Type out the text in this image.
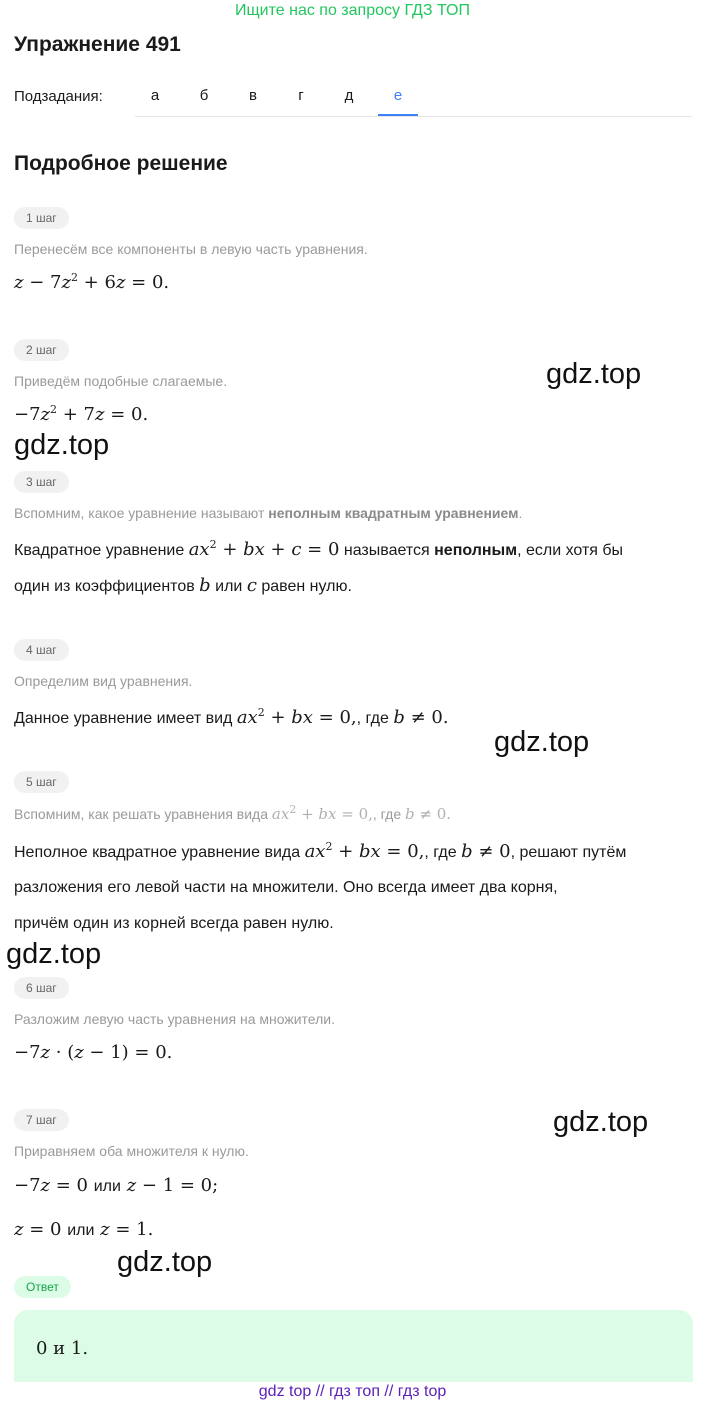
Ищите нас по запросу ГДЗ ТОП
Упражнение 491
Подзадания:	а	б	в	г	д	е
Подробное решение
1 шаг
Перенесём все компоненты в левую часть уравнения.
$z - 7z^2 + 6z = 0$.
2 шаг
Приведём подобные слагаемые.
$-7z^2 + 7z = 0$.
3 шаг
Вспомним, какое уравнение называют неполным квадратным уравнением.
Квадратное уравнение $ax^2$ + bx + c = 0 называется неполным, если хотя бы
один из коэффициентов b или c равен нулю.
4 шаг
Определим вид уравнения.
Данное уравнение имеет вид $ax^2$ + bx = 0,, где b ≠ 0.
5 шаг
Вспомним, как решать уравнения вида $ax^2$ + bx = 0,, где b ≠ 0.
Неполное квадратное уравнение вида $ax^2$ + bx = 0,, где b ≠ 0, решают путём
разложения его левой части на множители. Оно всегда имеет два корня,
причём один из корней всегда равен нулю.
6 шаг
Разложим левую часть уравнения на множители.
−7z · (z − 1) = 0.
7 шаг
Приравняем оба множителя к нулю.
−7z = 0 или z − 1 = 0;
z = 0 или z = 1.
Ответ
0 и 1.
gdz.top
gdz.top
gdz.top
gdz.top
gdz.top
gdz.top
gdz top // гдз топ // гдз top
